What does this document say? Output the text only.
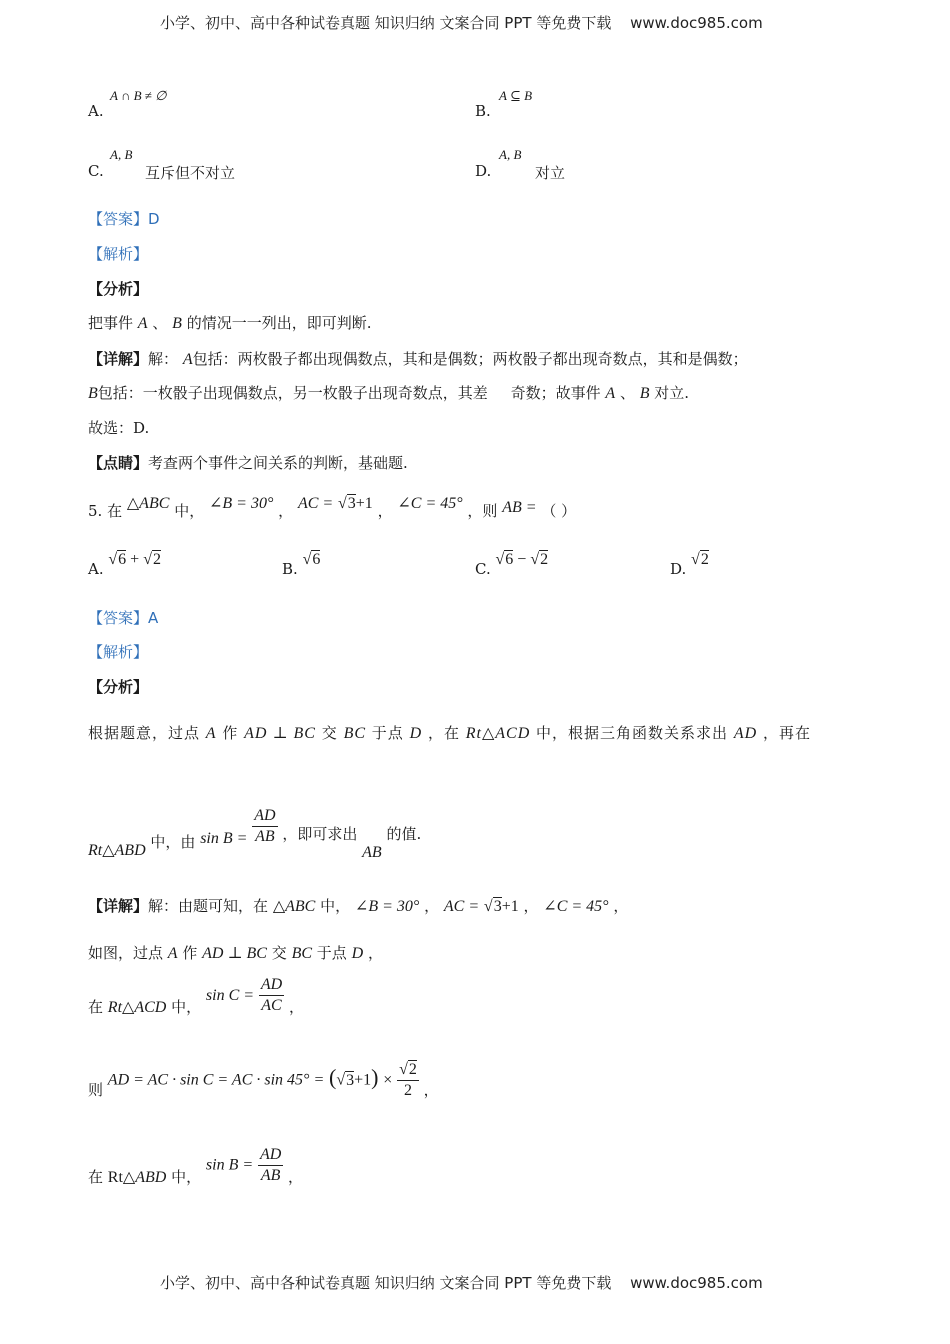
小学、初中、高中各种试卷真题 知识归纳 文案合同 PPT 等免费下载 www.doc985.com
A.
A ∩ B ≠ ∅
B.
A ⊆ B
C.
A, B
互斥但不对立	D.
A, B
对立
【答案】D
【解析】
【分析】
把事件 A 、 B 的情况一一列出，即可判断.
【详解】解： A包括：两枚骰子都出现偶数点，其和是偶数；两枚骰子都出现奇数点，其和是偶数；
B包括：一枚骰子出现偶数点，另一枚骰子出现奇数点，其差 奇数；故事件 A 、 B 对立.
故选：D.
【点睛】考查两个事件之间关系的判断，基础题.
5. 在 △ABC 中， ∠B = 30° ， AC = √3+1 ， ∠C = 45° ，则 AB = （ ）
A. √6 + √2
B. √6
C. √6 − √2
D. √2
【答案】A
【解析】
【分析】
根据题意，过点 A 作 AD ⊥ BC 交 BC 于点 D ，在 Rt△ACD 中，根据三角函数关系求出 AD ，再在
Rt△ABD 中，由 $\sin B = \frac{AD}{AB}$ ，即可求出 AB 的值.
【详解】解：由题可知，在 △ABC 中， ∠B = 30° ， AC = √3+1 ， ∠C = 45° ，
如图，过点 A 作 AD ⊥ BC 交 BC 于点 D ，
在 Rt△ACD 中， $\sin C = \frac{AD}{AC}$ ，
则 AD = AC · sin C = AC · $\sin 45^\circ = (√3+1) \times \frac{√2}{2}$ ，
在 Rt△ABD 中， $\sin B = \frac{AD}{AB}$ ，
小学、初中、高中各种试卷真题 知识归纳 文案合同 PPT 等免费下载 www.doc985.com
